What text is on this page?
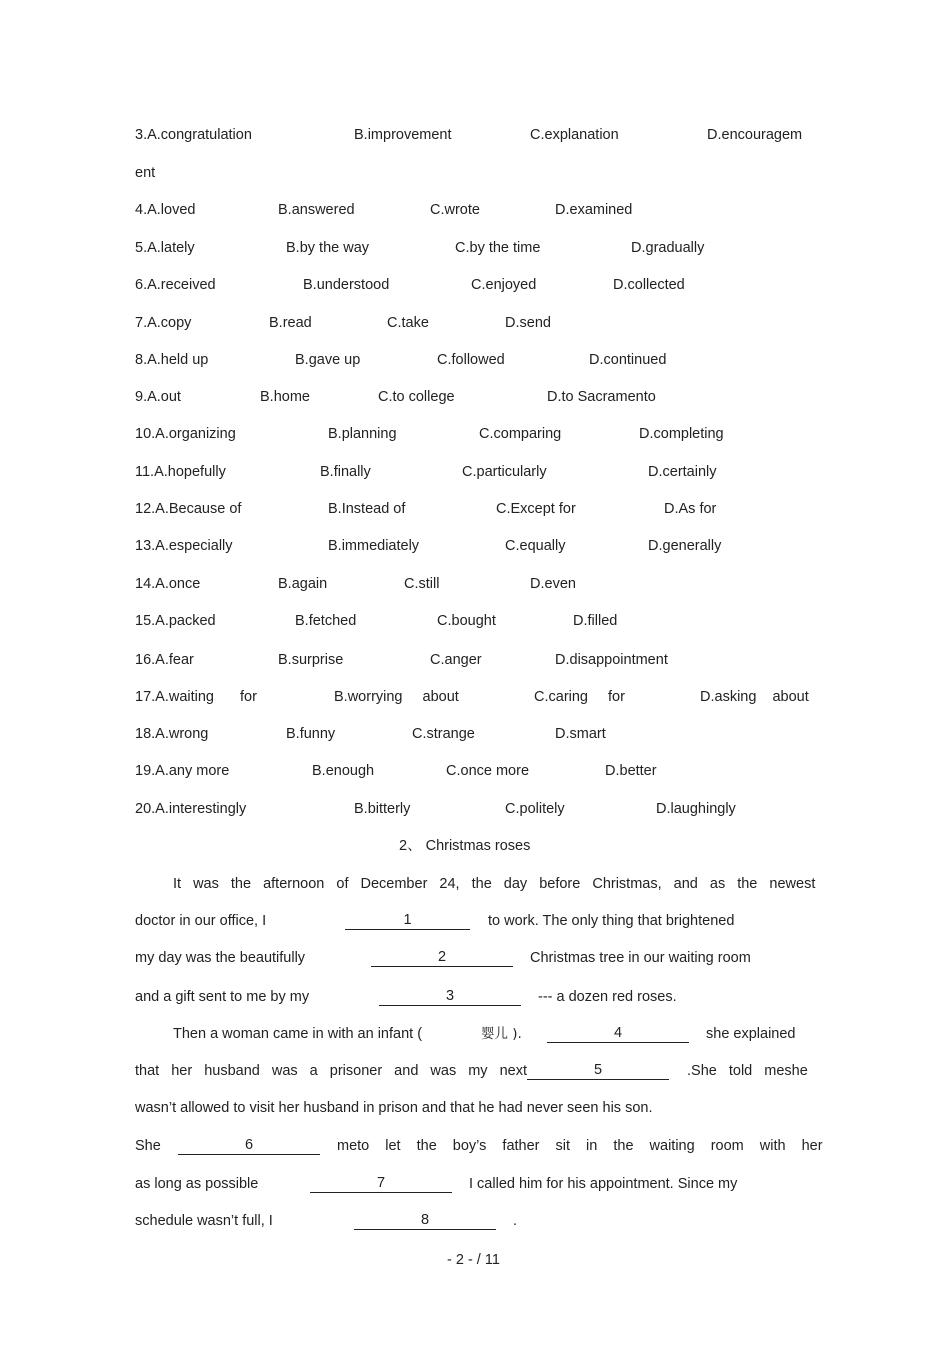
3.A.congratulation	B.improvement	C.explanation	D.encouragem
ent
4.A.loved	B.answered	C.wrote	D.examined
5.A.lately	B.by the way	C.by the time	D.gradually
6.A.received	B.understood	C.enjoyed	D.collected
7.A.copy	B.read	C.take	D.send
8.A.held up	B.gave up	C.followed	D.continued
9.A.out	B.home	C.to college	D.to Sacramento
10.A.organizing	B.planning	C.comparing	D.completing
11.A.hopefully	B.finally	C.particularly	D.certainly
12.A.Because of	B.Instead of	C.Except for	D.As for
13.A.especially	B.immediately	C.equally	D.generally
14.A.once	B.again	C.still	D.even
15.A.packed	B.fetched	C.bought	D.filled
16.A.fear	B.surprise	C.anger	D.disappointment
17.A.waiting for	B.worrying about	C.caring for	D.asking about
18.A.wrong	B.funny	C.strange	D.smart
19.A.any more	B.enough	C.once more	D.better
20.A.interestingly	B.bitterly	C.politely	D.laughingly
2、 Christmas roses
It was the afternoon of December 24, the day before Christmas, and as the newest
doctor in our office, I	1	to work. The only thing that brightened
my day was the beautifully	2	Christmas tree in our waiting room
and a gift sent to me by my	3	--- a dozen red roses.
Then a woman came in with an infant (	婴儿 ).	4	she explained
that her husband was a prisoner and was my next	5	.She told meshe
wasn’t allowed to visit her husband in prison and that he had never seen his son.
She	6	meto let the boy’s father sit in the waiting room with her
as long as possible	7	I called him for his appointment. Since my
schedule wasn’t full, I	8	.
- 2 - / 11
